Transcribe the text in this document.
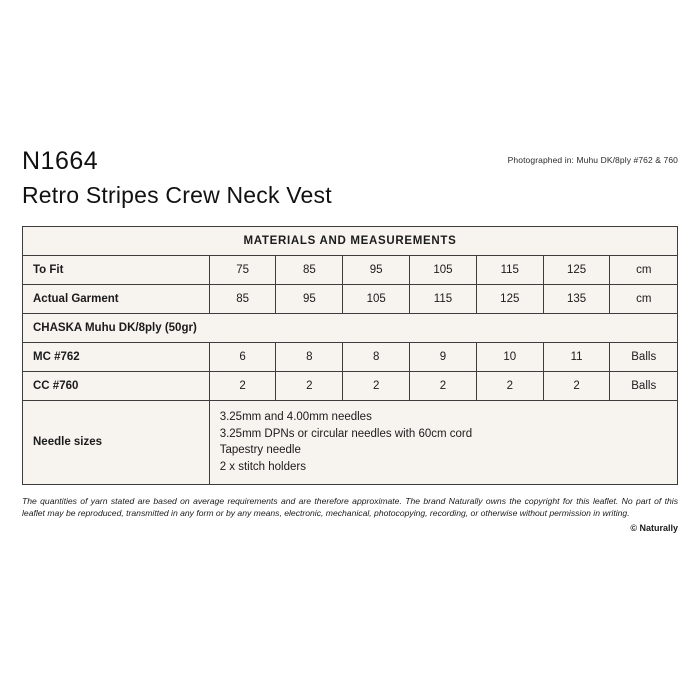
N1664	Photographed in: Muhu DK/8ply #762 & 760
Retro Stripes Crew Neck Vest
MATERIALS AND MEASUREMENTS							
To Fit	75	85	95	105	115	125	cm
Actual Garment	85	95	105	115	125	135	cm
CHASKA Muhu DK/8ply (50gr)							
MC #762	6	8	8	9	10	11	Balls
CC #760	2	2	2	2	2	2	Balls
Needle sizes	3.25mm and 4.00mm needles
3.25mm DPNs or circular needles with 60cm cord
Tapestry needle
2 x stitch holders						
The quantities of yarn stated are based on average requirements and are therefore approximate. The brand Naturally owns the copyright for this leaflet. No part of this leaflet may be reproduced, transmitted in any form or by any means, electronic, mechanical, photocopying, recording, or otherwise without permission in writing.
© Naturally
